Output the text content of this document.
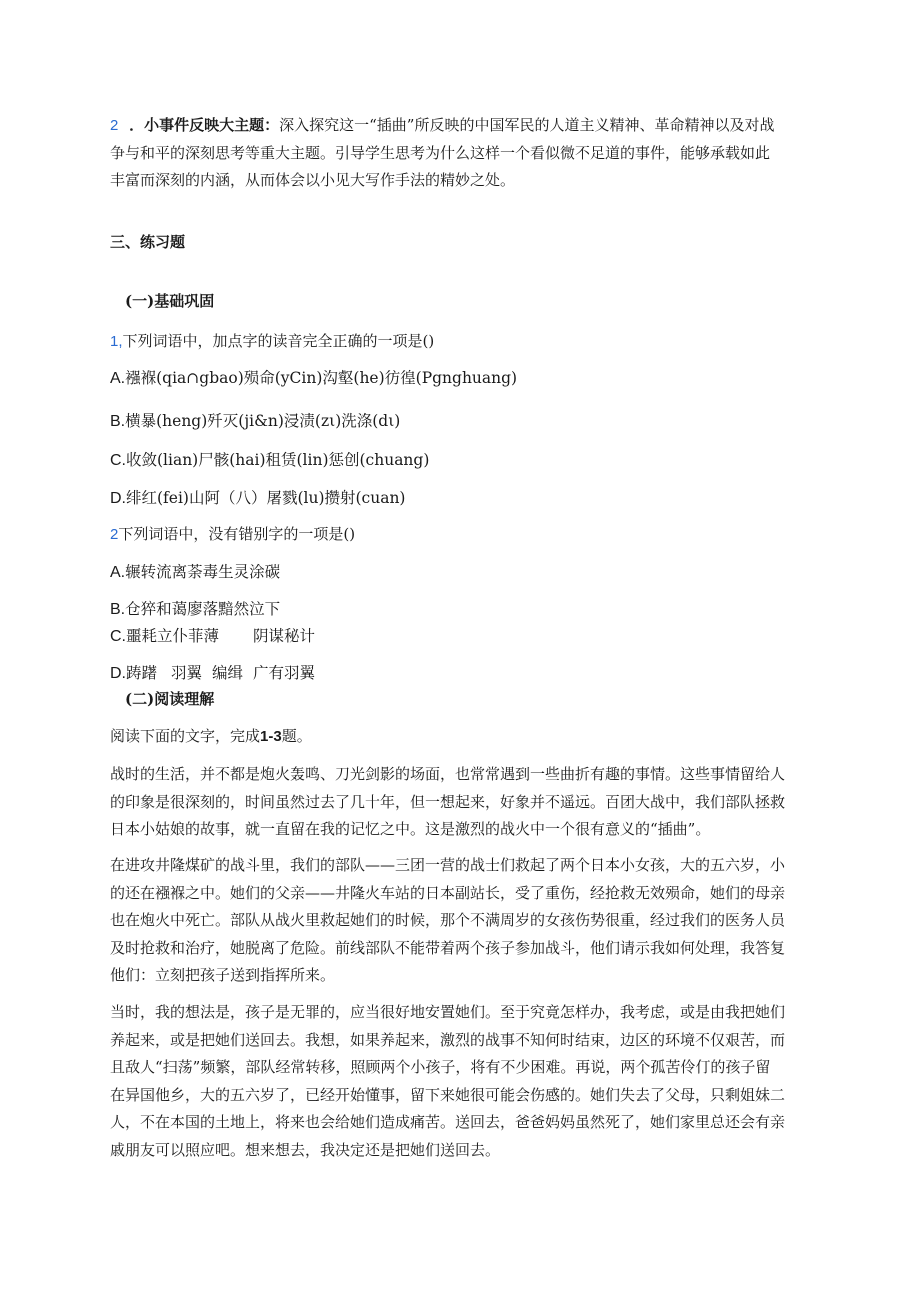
2 ．小事件反映大主题：深入探究这一“插曲”所反映的中国军民的人道主义精神、革命精神以及对战
争与和平的深刻思考等重大主题。引导学生思考为什么这样一个看似微不足道的事件，能够承载如此
丰富而深刻的内涵，从而体会以小见大写作手法的精妙之处。
三、练习题
(一)基础巩固
1,下列词语中，加点字的读音完全正确的一项是()
A.襁褓(qia∩gbao)殒命(yCin)沟壑(he)彷徨(Pgnghuang)
B.横暴(heng)歼灭(ji&n)浸渍(zι)洗涤(dι)
C.收敛(lian)尸骸(hai)租赁(lin)惩创(chuang)
D.绯红(fei)山阿（八）屠戮(lu)攒射(cuan)
2下列词语中，没有错别字的一项是()
A.辗转流离荼毒生灵涂碳
B.仓猝和蔼廖落黯然泣下
C.噩耗立仆菲薄 阴谋秘计
D.踌躇 羽翼 编缉 广有羽翼
(二)阅读理解
阅读下面的文字，完成1-3题。
战时的生活，并不都是炮火轰鸣、刀光剑影的场面，也常常遇到一些曲折有趣的事情。这些事情留给人
的印象是很深刻的，时间虽然过去了几十年，但一想起来，好象并不遥远。百团大战中，我们部队拯救
日本小姑娘的故事，就一直留在我的记忆之中。这是激烈的战火中一个很有意义的“插曲”。
在进攻井隆煤矿的战斗里，我们的部队——三团一营的战士们救起了两个日本小女孩，大的五六岁，小
的还在襁褓之中。她们的父亲——井隆火车站的日本副站长，受了重伤，经抢救无效殒命，她们的母亲
也在炮火中死亡。部队从战火里救起她们的时候，那个不满周岁的女孩伤势很重，经过我们的医务人员
及时抢救和治疗，她脱离了危险。前线部队不能带着两个孩子参加战斗，他们请示我如何处理，我答复
他们：立刻把孩子送到指挥所来。
当时，我的想法是，孩子是无罪的，应当很好地安置她们。至于究竟怎样办，我考虑，或是由我把她们
养起来，或是把她们送回去。我想，如果养起来，激烈的战事不知何时结束，边区的环境不仅艰苦，而
且敌人“扫荡”频繁，部队经常转移，照顾两个小孩子，将有不少困难。再说，两个孤苦伶仃的孩子留
在异国他乡，大的五六岁了，已经开始懂事，留下来她很可能会伤感的。她们失去了父母，只剩姐妹二
人，不在本国的土地上，将来也会给她们造成痛苦。送回去，爸爸妈妈虽然死了，她们家里总还会有亲
戚朋友可以照应吧。想来想去，我决定还是把她们送回去。
